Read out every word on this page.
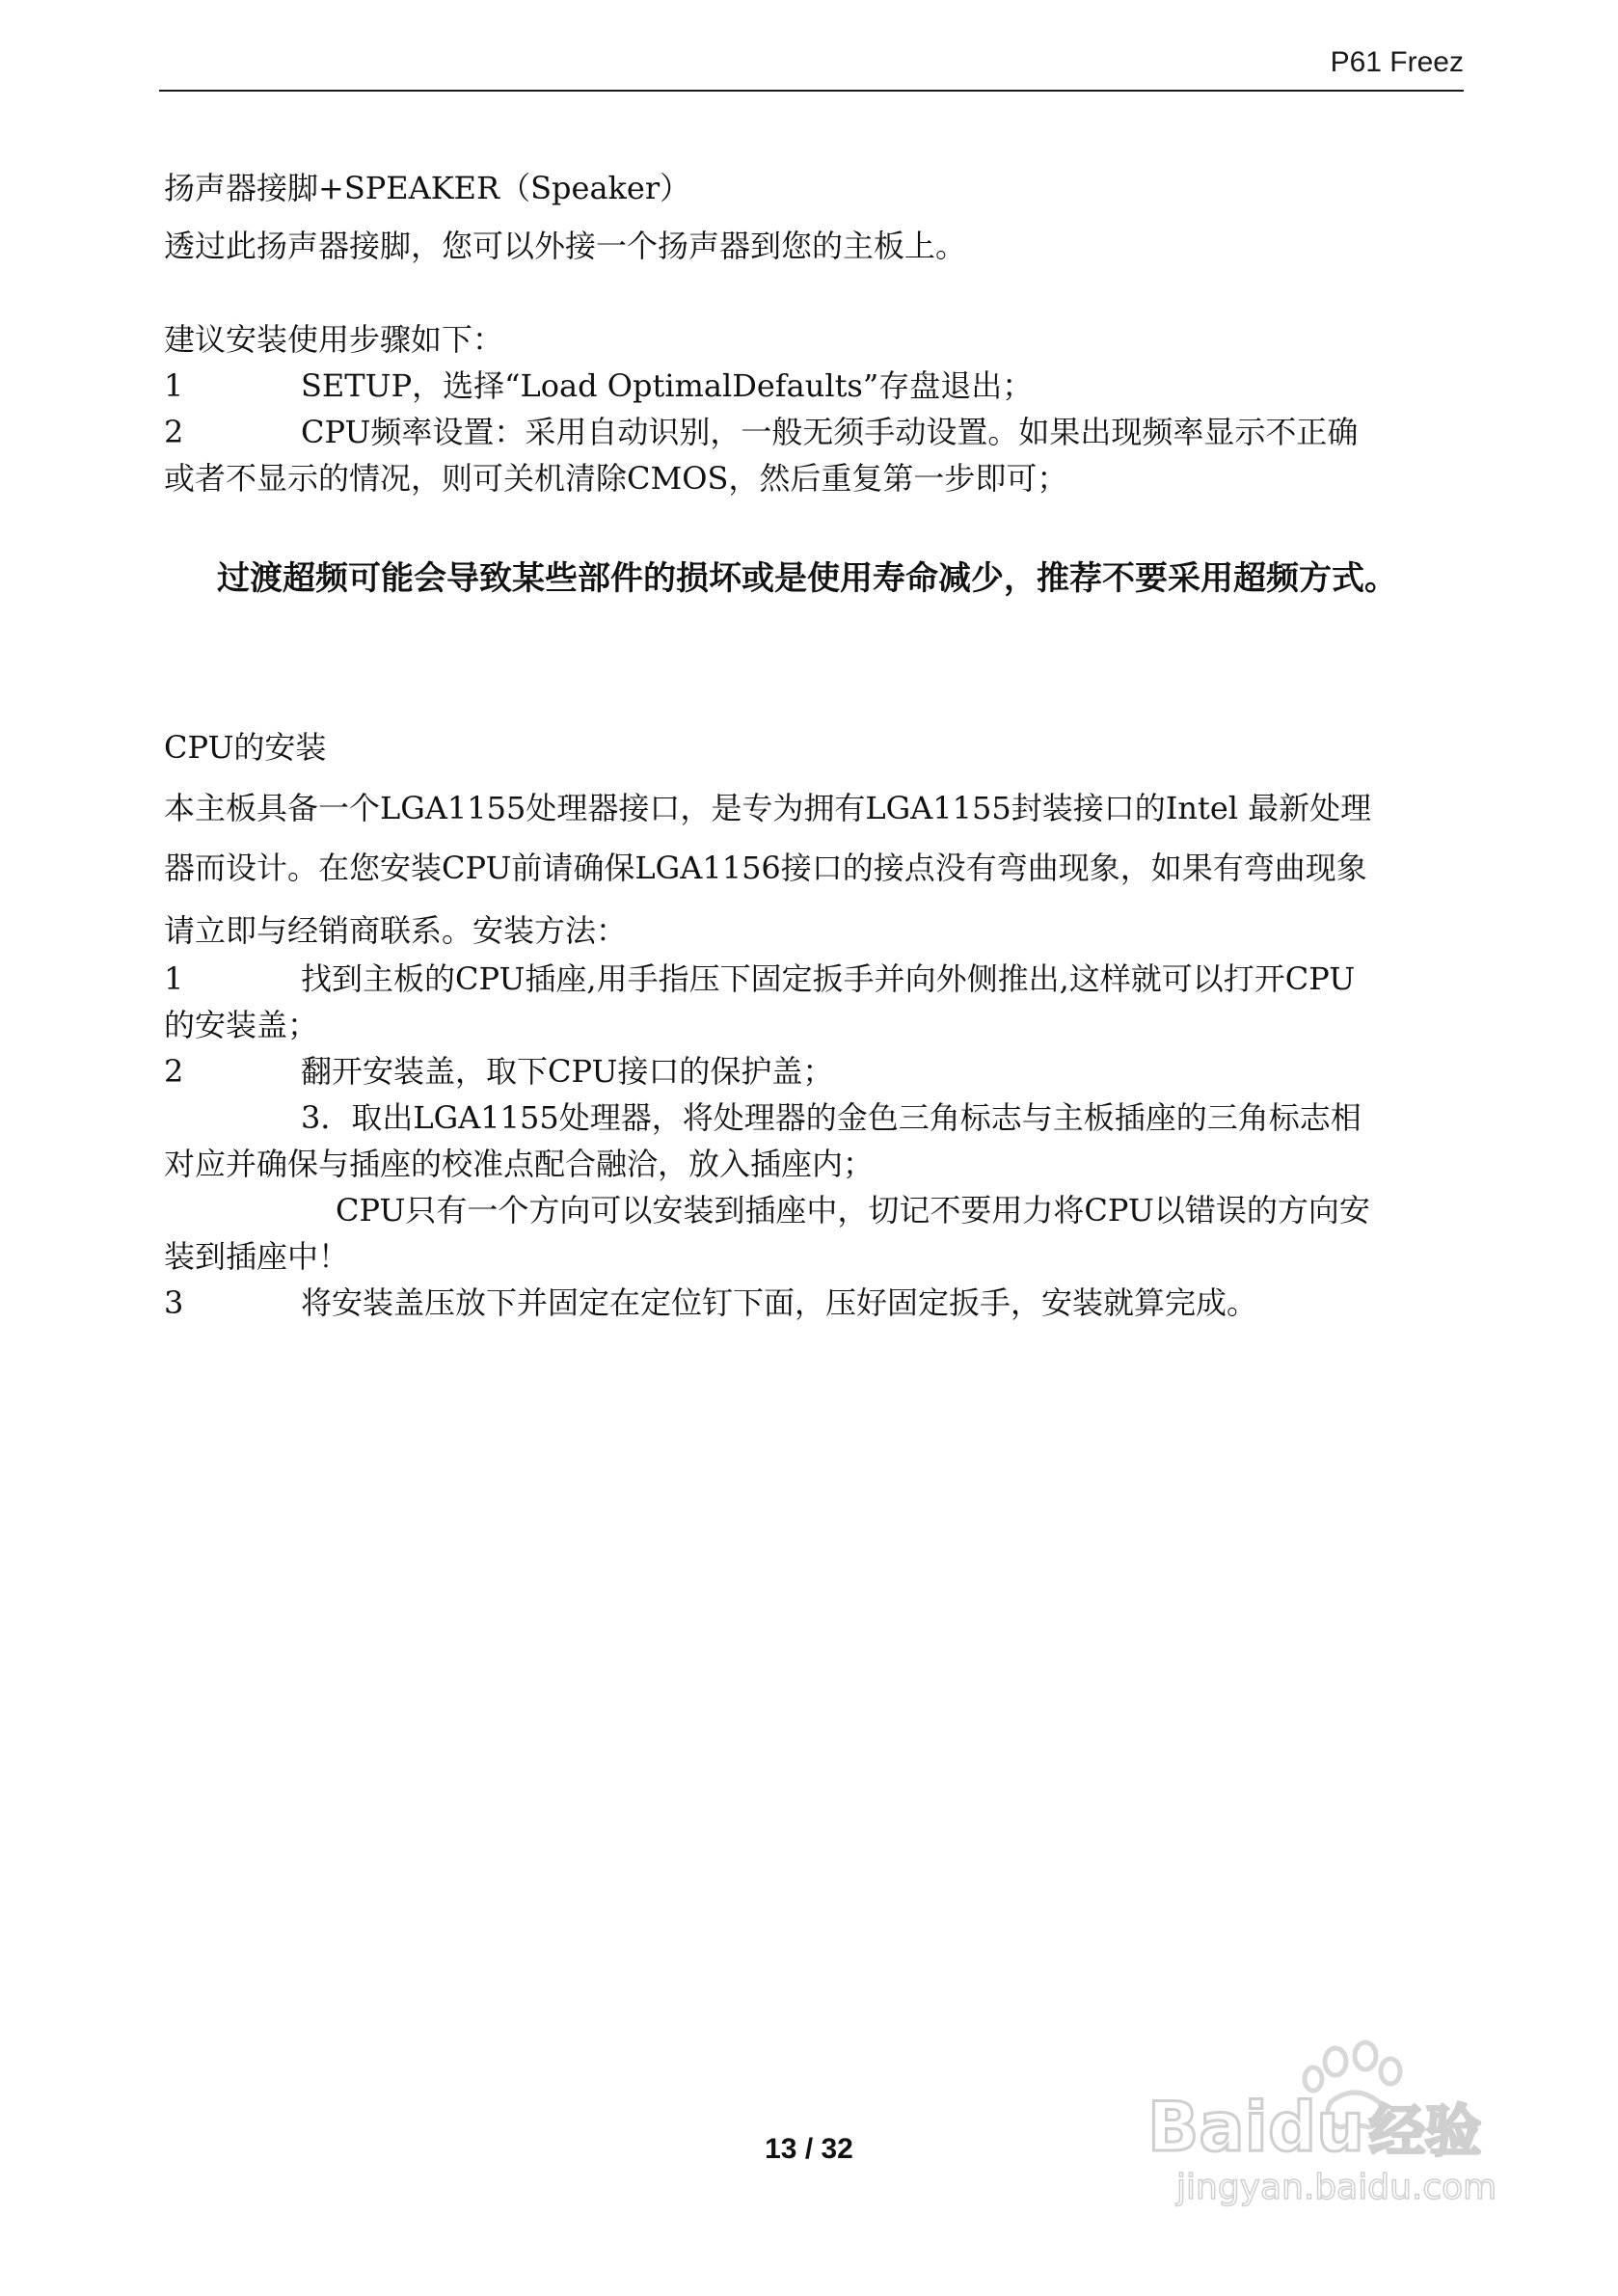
P61 Freez
扬声器接脚+SPEAKER（Speaker）
透过此扬声器接脚，您可以外接一个扬声器到您的主板上。
建议安装使用步骤如下：
1	SETUP，选择“Load OptimalDefaults”存盘退出；
2	CPU频率设置：采用自动识别，一般无须手动设置。如果出现频率显示不正确
或者不显示的情况，则可关机清除CMOS，然后重复第一步即可；
过渡超频可能会导致某些部件的损坏或是使用寿命减少，推荐不要采用超频方式。
CPU的安装
本主板具备一个LGA1155处理器接口，是专为拥有LGA1155封装接口的Intel 最新处理
器而设计。在您安装CPU前请确保LGA1156接口的接点没有弯曲现象，如果有弯曲现象
请立即与经销商联系。安装方法：
1	找到主板的CPU插座,用手指压下固定扳手并向外侧推出,这样就可以打开CPU
的安装盖；
2	翻开安装盖，取下CPU接口的保护盖；
3．取出LGA1155处理器，将处理器的金色三角标志与主板插座的三角标志相
对应并确保与插座的校准点配合融洽，放入插座内；
CPU只有一个方向可以安装到插座中，切记不要用力将CPU以错误的方向安
装到插座中！
3	将安装盖压放下并固定在定位钉下面，压好固定扳手，安装就算完成。
13 / 32	Bai du 经验
jingyan.baidu.com
